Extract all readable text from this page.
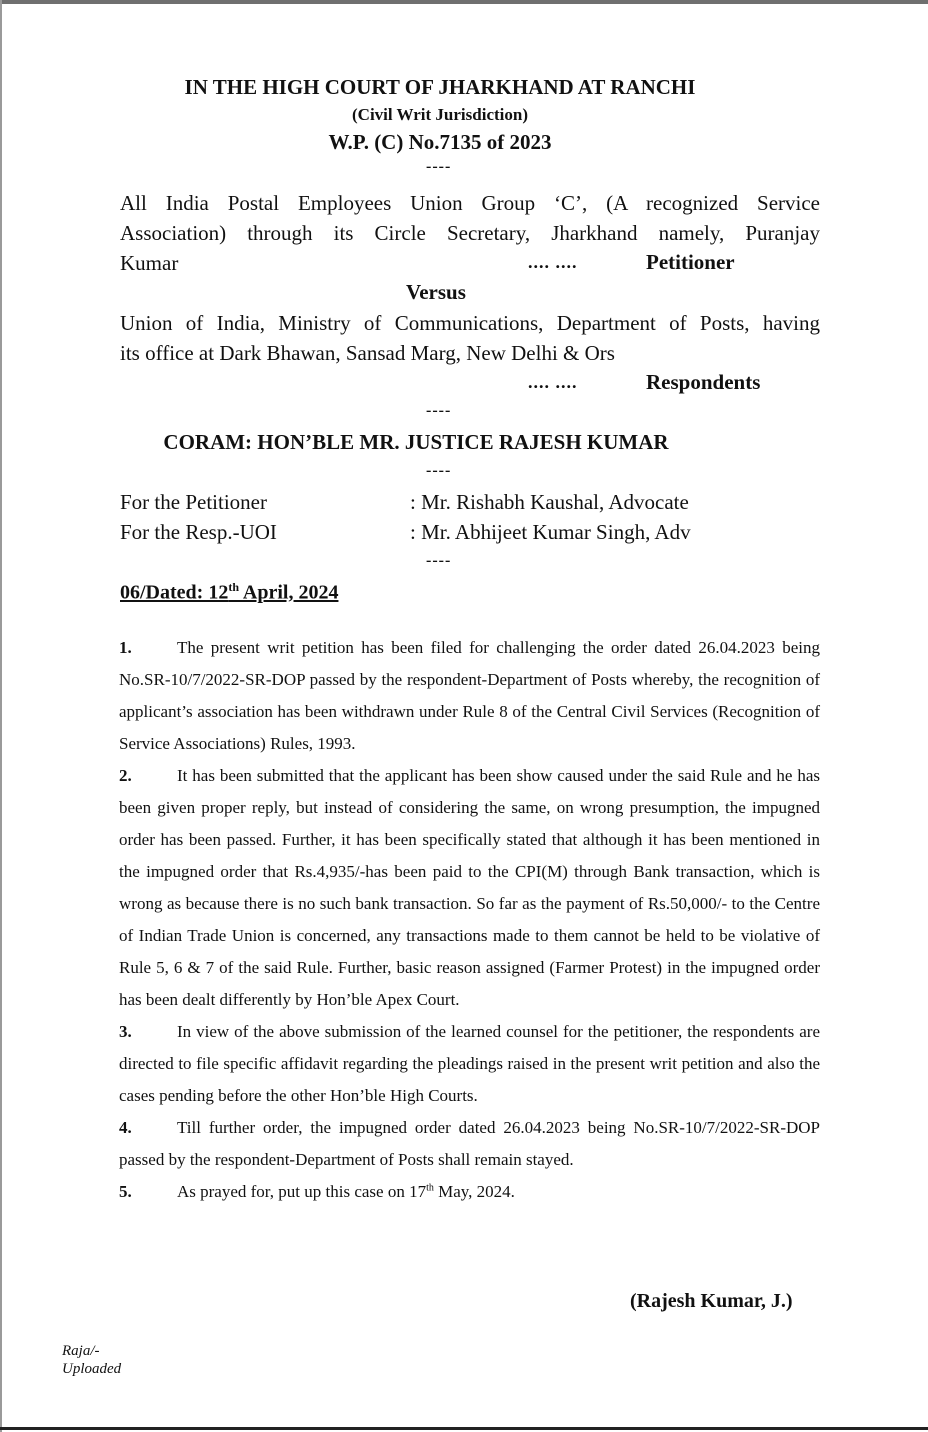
IN THE HIGH COURT OF JHARKHAND AT RANCHI
(Civil Writ Jurisdiction)
W.P. (C) No.7135 of 2023
----
All India Postal Employees Union Group ‘C’, (A recognized Service
Association) through its Circle Secretary, Jharkhand namely, Puranjay
Kumar	.... ....	Petitioner
Versus
Union of India, Ministry of Communications, Department of Posts, having
its office at Dark Bhawan, Sansad Marg, New Delhi & Ors
.... ....	Respondents
----
CORAM: HON’BLE MR. JUSTICE RAJESH KUMAR
----
For the Petitioner	: Mr. Rishabh Kaushal, Advocate
For the Resp.-UOI	: Mr. Abhijeet Kumar Singh, Adv
----
06/Dated: 12th April, 2024

1.	The present writ petition has been filed for challenging the order dated 26.04.2023 being No.SR-10/7/2022-SR-DOP passed by the respondent-Department of Posts whereby, the recognition of applicant’s association has been withdrawn under Rule 8 of the Central Civil Services (Recognition of Service Associations) Rules, 1993.

2.	It has been submitted that the applicant has been show caused under the said Rule and he has been given proper reply, but instead of considering the same, on wrong presumption, the impugned order has been passed. Further, it has been specifically stated that although it has been mentioned in the impugned order that Rs.4,935/-has been paid to the CPI(M) through Bank transaction, which is wrong as because there is no such bank transaction. So far as the payment of Rs.50,000/- to the Centre of Indian Trade Union is concerned, any transactions made to them cannot be held to be violative of Rule 5, 6 & 7 of the said Rule. Further, basic reason assigned (Farmer Protest) in the impugned order has been dealt differently by Hon’ble Apex Court.

3.	In view of the above submission of the learned counsel for the petitioner, the respondents are directed to file specific affidavit regarding the pleadings raised in the present writ petition and also the cases pending before the other Hon’ble High Courts.

4.	Till further order, the impugned order dated 26.04.2023 being No.SR-10/7/2022-SR-DOP passed by the respondent-Department of Posts shall remain stayed.

5.	As prayed for, put up this case on 17th May, 2024.

(Rajesh Kumar, J.)
Raja/-
Uploaded
